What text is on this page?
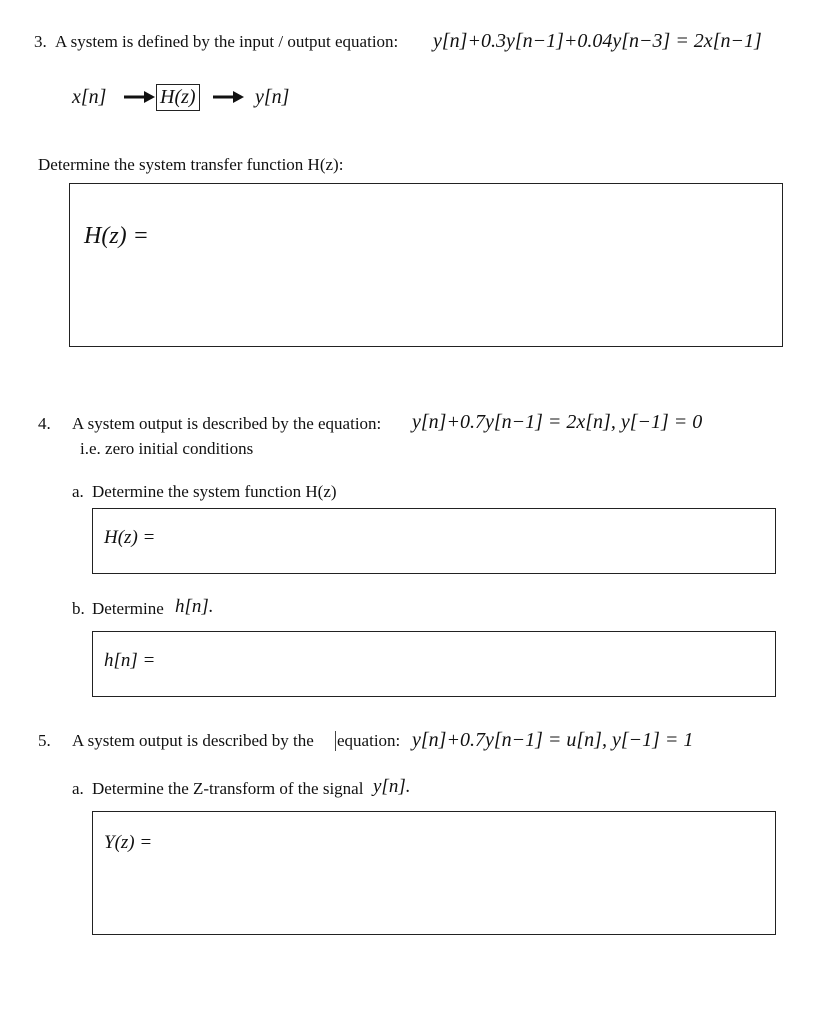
3. A system is defined by the input / output equation: y[n]+0.3y[n−1]+0.04y[n−3] = 2x[n−1]
x[n]	H(z)	y[n]
Determine the system transfer function H(z):
H(z) =
4. A system output is described by the equation: y[n]+0.7y[n−1] = 2x[n], y[−1] = 0
i.e. zero initial conditions
a. Determine the system function H(z)
H(z) =
b. Determine h[n].
h[n] =
5. A system output is described by the equation: y[n]+0.7y[n−1] = u[n], y[−1] = 1
a. Determine the Z-transform of the signal y[n].
Y(z) =
